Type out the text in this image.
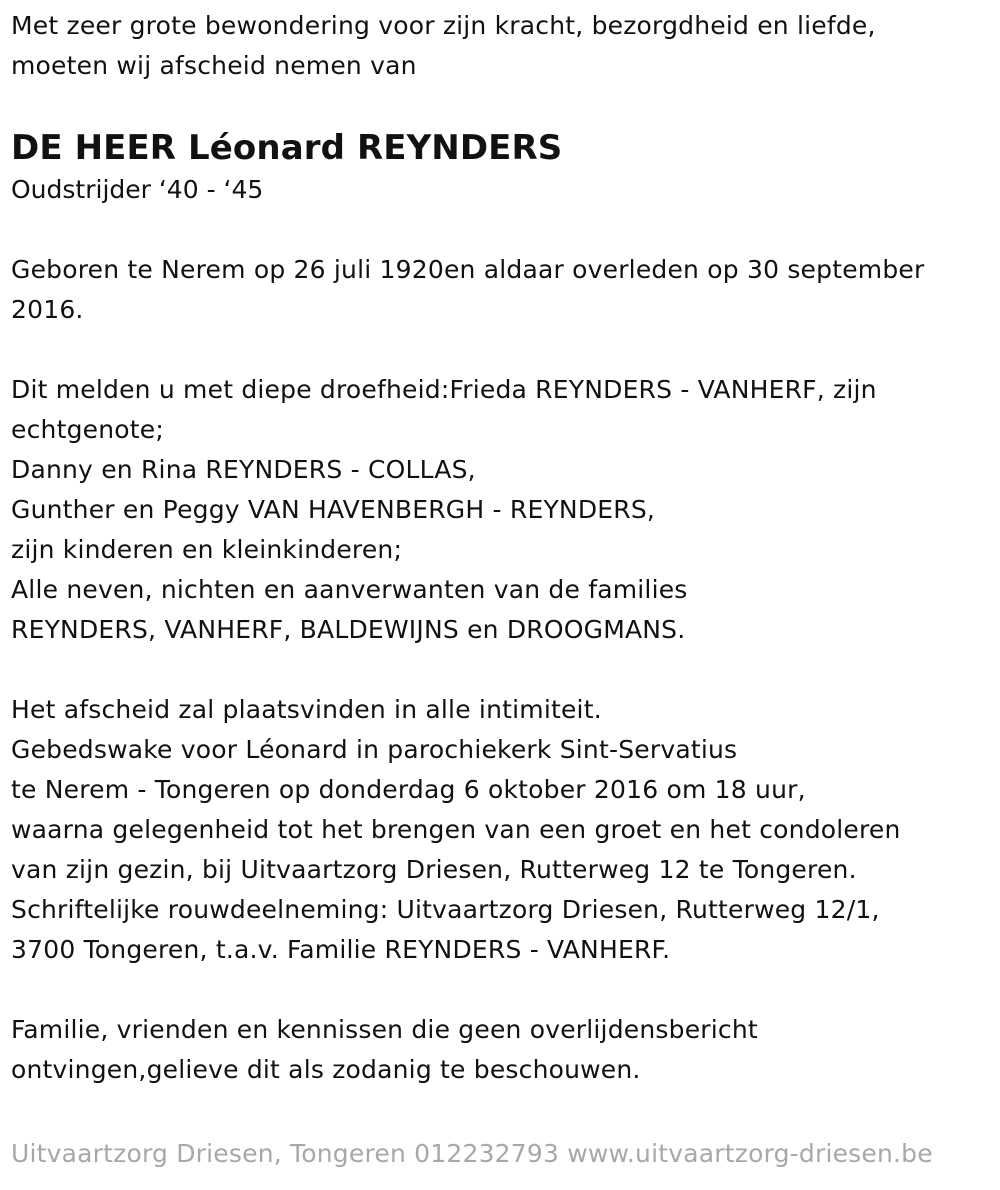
Met zeer grote bewondering voor zijn kracht, bezorgdheid en liefde,
moeten wij afscheid nemen van
DE HEER Léonard REYNDERS
Oudstrijder ‘40 - ‘45
Geboren te Nerem op 26 juli 1920en aldaar overleden op 30 september
2016.
Dit melden u met diepe droefheid:Frieda REYNDERS - VANHERF, zijn
echtgenote;
Danny en Rina REYNDERS - COLLAS,
Gunther en Peggy VAN HAVENBERGH - REYNDERS,
zijn kinderen en kleinkinderen;
Alle neven, nichten en aanverwanten van de families
REYNDERS, VANHERF, BALDEWIJNS en DROOGMANS.
Het afscheid zal plaatsvinden in alle intimiteit.
Gebedswake voor Léonard in parochiekerk Sint-Servatius
te Nerem - Tongeren op donderdag 6 oktober 2016 om 18 uur,
waarna gelegenheid tot het brengen van een groet en het condoleren
van zijn gezin, bij Uitvaartzorg Driesen, Rutterweg 12 te Tongeren.
Schriftelijke rouwdeelneming: Uitvaartzorg Driesen, Rutterweg 12/1,
3700 Tongeren, t.a.v. Familie REYNDERS - VANHERF.
Familie, vrienden en kennissen die geen overlijdensbericht
ontvingen,gelieve dit als zodanig te beschouwen.
Uitvaartzorg Driesen, Tongeren 012232793 www.uitvaartzorg-driesen.be
